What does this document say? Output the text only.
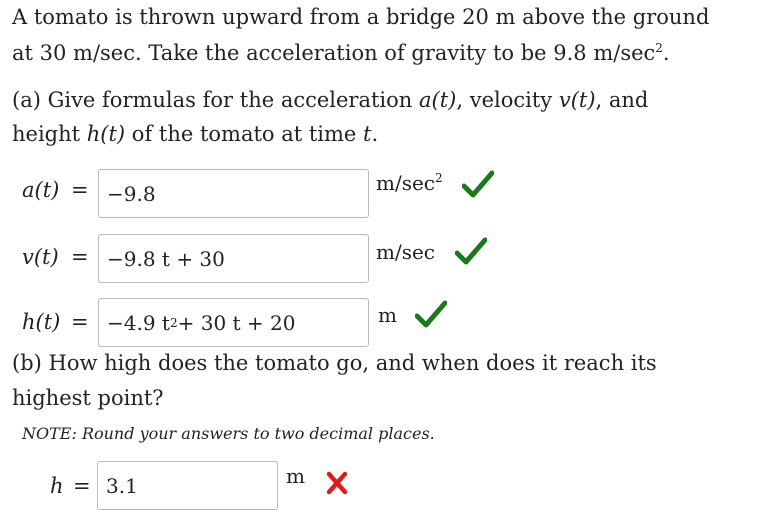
A tomato is thrown upward from a bridge 20 m above the ground
at 30 m/sec. Take the acceleration of gravity to be 9.8 $m/\sec^2$.
(a) Give formulas for the acceleration a(t), velocity v(t), and
height h(t) of the tomato at time t.
a(t) = −9.8	$m/\sec^2$
v(t) = −9.8 t + 30	m/sec
h(t) = −4.9 t 2 + 30 t + 20	m
(b) How high does the tomato go, and when does it reach its
highest point?
NOTE: Round your answers to two decimal places.
h = 3.1	m
